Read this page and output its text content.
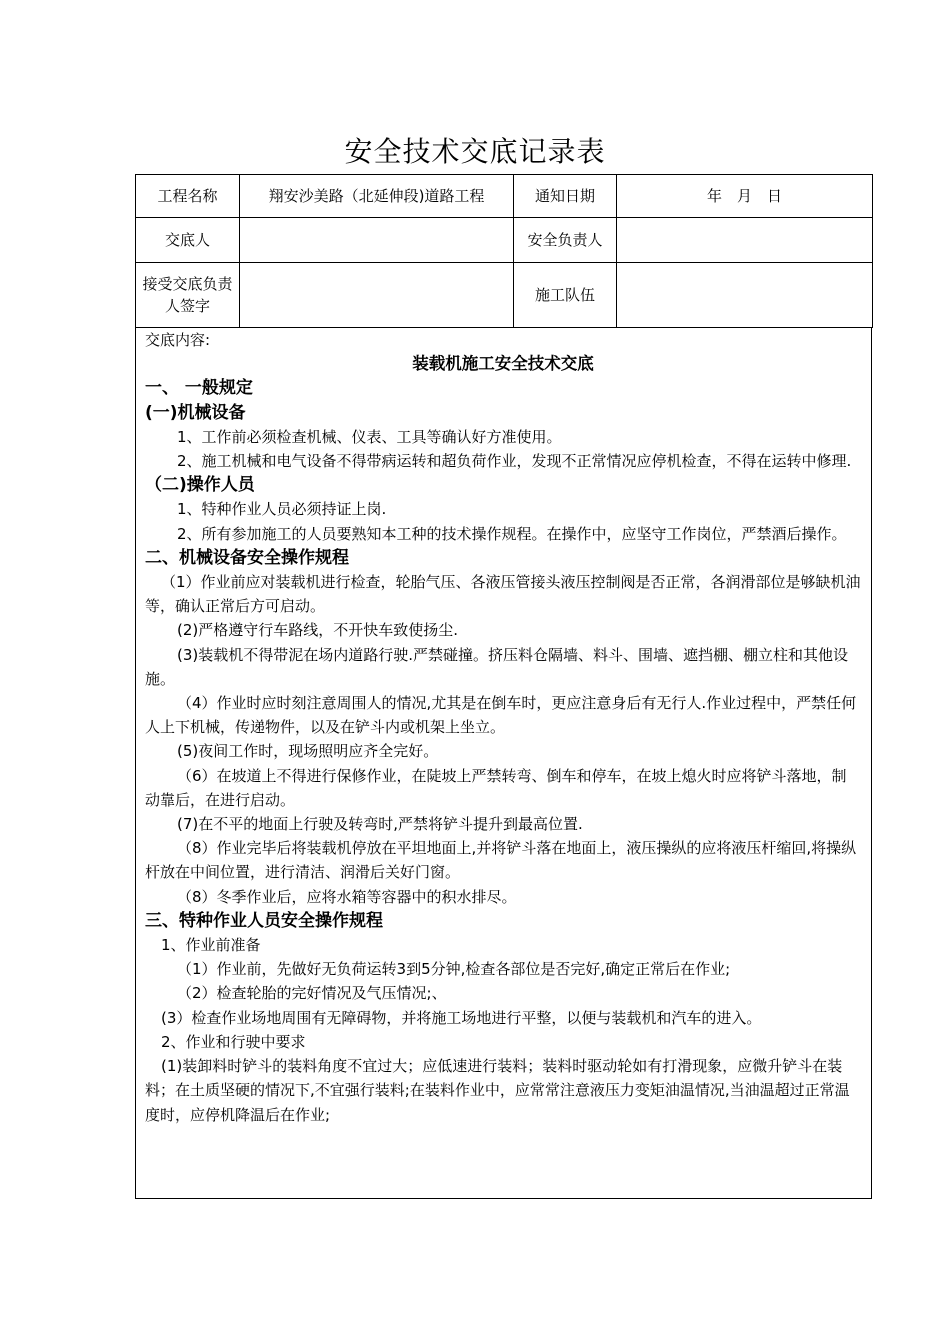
安全技术交底记录表
工程名称	翔安沙美路（北延伸段)道路工程	通知日期	年　月　日
交底人		安全负责人	
接受交底负责人签字		施工队伍	

交底内容:

装载机施工安全技术交底

一、 一般规定

(一)机械设备

1、工作前必须检查机械、仪表、工具等确认好方准使用。

2、施工机械和电气设备不得带病运转和超负荷作业，发现不正常情况应停机检查，不得在运转中修理.

（二)操作人员

1、特种作业人员必须持证上岗.

2、所有参加施工的人员要熟知本工种的技术操作规程。在操作中，应坚守工作岗位，严禁酒后操作。

二、机械设备安全操作规程

（1）作业前应对装载机进行检查，轮胎气压、各液压管接头液压控制阀是否正常，各润滑部位是够缺机油等，确认正常后方可启动。

(2)严格遵守行车路线，不开快车致使扬尘.

(3)装载机不得带泥在场内道路行驶.严禁碰撞。挤压料仓隔墙、料斗、围墙、遮挡棚、棚立柱和其他设施。

（4）作业时应时刻注意周围人的情况,尤其是在倒车时，更应注意身后有无行人.作业过程中，严禁任何人上下机械，传递物件，以及在铲斗内或机架上坐立。

(5)夜间工作时，现场照明应齐全完好。

（6）在坡道上不得进行保修作业，在陡坡上严禁转弯、倒车和停车，在坡上熄火时应将铲斗落地，制动靠后，在进行启动。

(7)在不平的地面上行驶及转弯时,严禁将铲斗提升到最高位置.

（8）作业完毕后将装载机停放在平坦地面上,并将铲斗落在地面上，液压操纵的应将液压杆缩回,将操纵杆放在中间位置，进行清洁、润滑后关好门窗。

（8）冬季作业后，应将水箱等容器中的积水排尽。

三、特种作业人员安全操作规程

1、作业前准备

（1）作业前，先做好无负荷运转3到5分钟,检查各部位是否完好,确定正常后在作业;

（2）检查轮胎的完好情况及气压情况;、

(3）检查作业场地周围有无障碍物，并将施工场地进行平整，以便与装载机和汽车的进入。

2、作业和行驶中要求

(1)装卸料时铲斗的装料角度不宜过大；应低速进行装料；装料时驱动轮如有打滑现象，应微升铲斗在装料；在土质坚硬的情况下,不宜强行装料;在装料作业中，应常常注意液压力变矩油温情况,当油温超过正常温度时，应停机降温后在作业;
